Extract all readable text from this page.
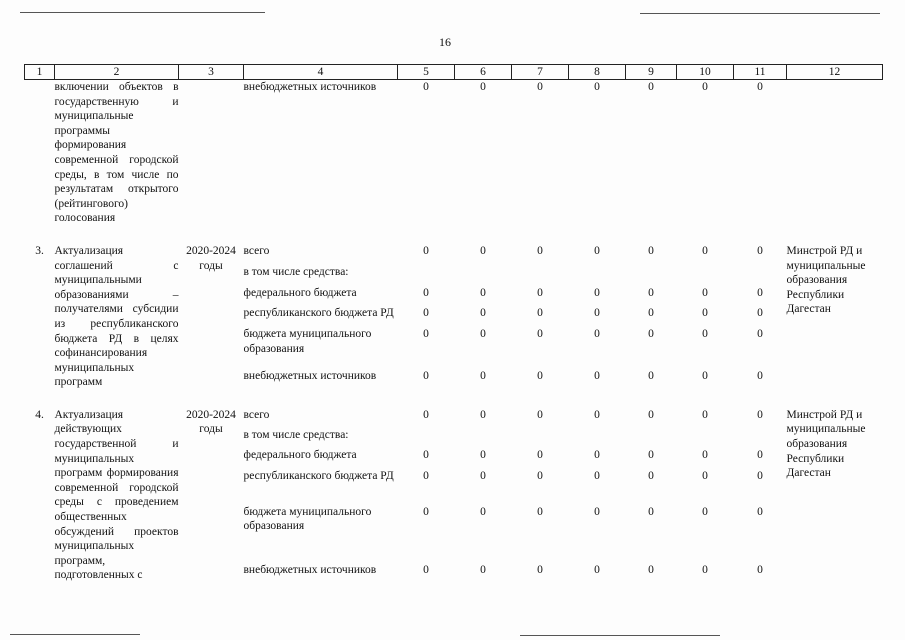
16
1	2	3	4	5	6	7	8	9	10	11	12
	включении объектов в государственную и муниципальные программы формирования современной городской среды, в том числе по результатам открытого (рейтингового) голосования		внебюджетных источников	0	0	0	0	0	0	0	

3.	Актуализация соглашений с муниципальными образованиями – получателями субсидии из республиканского бюджета РД в целях софинансирования муниципальных программ	2020-2024 годы	всего	0	0	0	0	0	0	0	Минстрой РД и муниципальные образования Республики Дагестан
			в том числе средства:								
			федерального бюджета	0	0	0	0	0	0	0	
			республиканского бюджета РД	0	0	0	0	0	0	0	
			бюджета муниципального образования	0	0	0	0	0	0	0	
			внебюджетных источников	0	0	0	0	0	0	0	

4.	Актуализация действующих государственной и муниципальных программ формирования современной городской среды с проведением общественных обсуждений проектов муниципальных программ, подготовленных с	2020-2024 годы	всего	0	0	0	0	0	0	0	Минстрой РД и муниципальные образования Республики Дагестан
			в том числе средства:								
			федерального бюджета	0	0	0	0	0	0	0	
			республиканского бюджета РД	0	0	0	0	0	0	0	
			бюджета муниципального образования	0	0	0	0	0	0	0	
			внебюджетных источников	0	0	0	0	0	0	0	
